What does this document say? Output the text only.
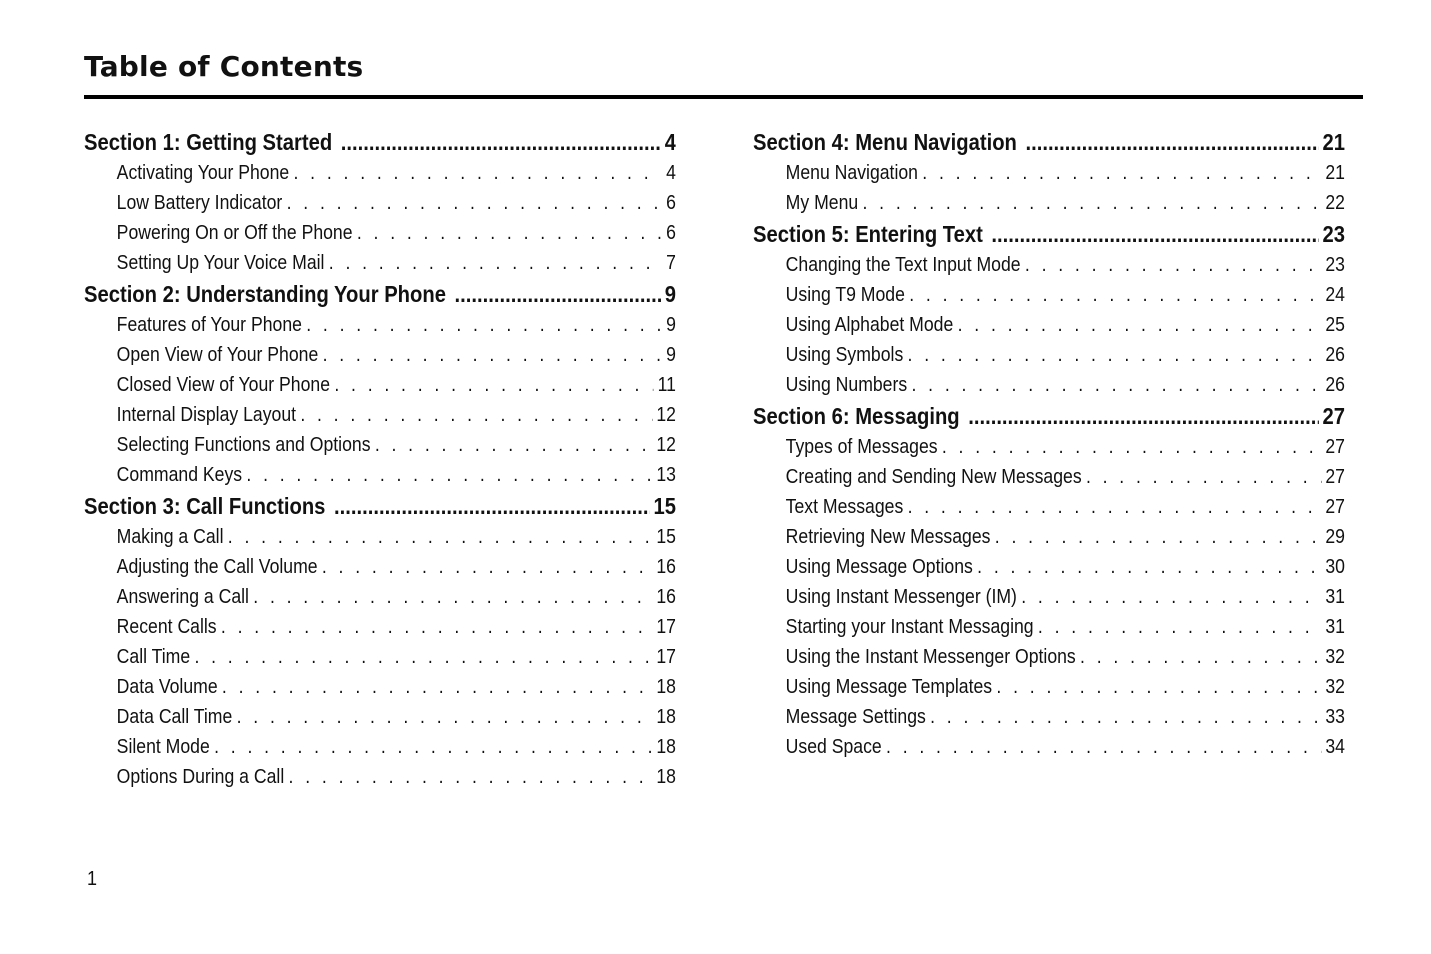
Table of Contents
Section 1: Getting Started .....	4
Activating Your Phone . . .	4
Low Battery Indicator . . .	6
Powering On or Off the Phone . . .	6
Setting Up Your Voice Mail . . .	7
Section 2: Understanding Your Phone .....	9
Features of Your Phone . . .	9
Open View of Your Phone . . .	9
Closed View of Your Phone . . .	11
Internal Display Layout . . .	12
Selecting Functions and Options . . .	12
Command Keys . . .	13
Section 3: Call Functions .....	15
Making a Call . . .	15
Adjusting the Call Volume . . .	16
Answering a Call . . .	16
Recent Calls . . .	17
Call Time . . .	17
Data Volume . . .	18
Data Call Time . . .	18
Silent Mode . . .	18
Options During a Call . . .	18
Section 4: Menu Navigation .....	21
Menu Navigation . . .	21
My Menu . . .	22
Section 5: Entering Text .....	23
Changing the Text Input Mode . . .	23
Using T9 Mode . . .	24
Using Alphabet Mode . . .	25
Using Symbols . . .	26
Using Numbers . . .	26
Section 6: Messaging .....	27
Types of Messages . . .	27
Creating and Sending New Messages . . .	27
Text Messages . . .	27
Retrieving New Messages . . .	29
Using Message Options . . .	30
Using Instant Messenger (IM) . . .	31
Starting your Instant Messaging . . .	31
Using the Instant Messenger Options . . .	32
Using Message Templates . . .	32
Message Settings . . .	33
Used Space . . .	34
1
